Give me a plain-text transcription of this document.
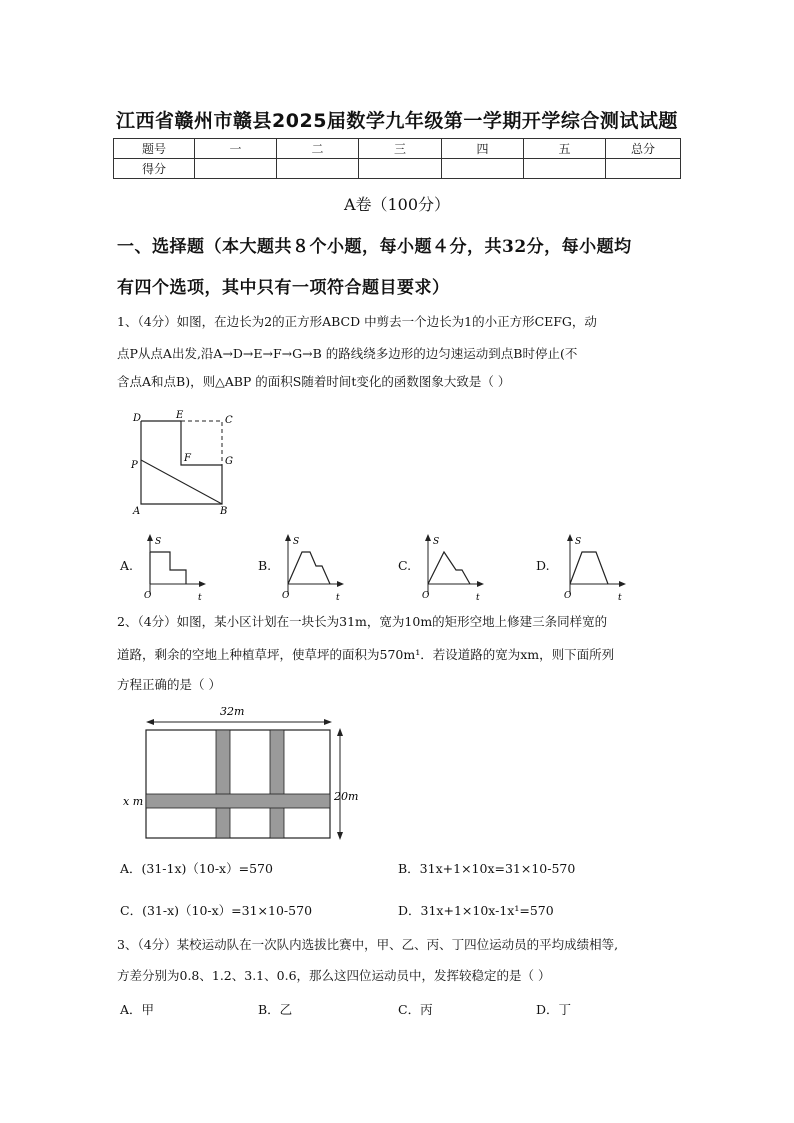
江西省赣州市赣县2025届数学九年级第一学期开学综合测试试题
题号	一	二	三	四	五	总分
得分						
A卷（100分）
一、选择题（本大题共８个小题，每小题４分，共32分，每小题均
有四个选项，其中只有一项符合题目要求）
1、（4分）如图，在边长为2的正方形ABCD 中剪去一个边长为1的小正方形CEFG，动
点P从点A出发,沿A→D→E→F→G→B 的路线绕多边形的边匀速运动到点B时停止(不
含点A和点B)，则△ABP 的面积S随着时间t变化的函数图象大致是（ ）
D	E	C
F	G
P
A	B
A.
S
O	t
B.
S
O	t
C.
S
O	t
D.
S
O	t
2、（4分）如图，某小区计划在一块长为31m，宽为10m的矩形空地上修建三条同样宽的
道路，剩余的空地上种植草坪，使草坪的面积为570m¹．若设道路的宽为xm，则下面所列
方程正确的是（ ）
32m
20m
x m
A．(31-1x)（10-x）=570	B．31x+1×10x=31×10-570
C．(31-x)（10-x）=31×10-570	D．31x+1×10x-1x¹=570
3、（4分）某校运动队在一次队内选拔比赛中，甲、乙、丙、丁四位运动员的平均成绩相等,
方差分别为0.8、1.2、3.1、0.6，那么这四位运动员中，发挥较稳定的是（ ）
A．甲	B．乙	C．丙	D．丁
